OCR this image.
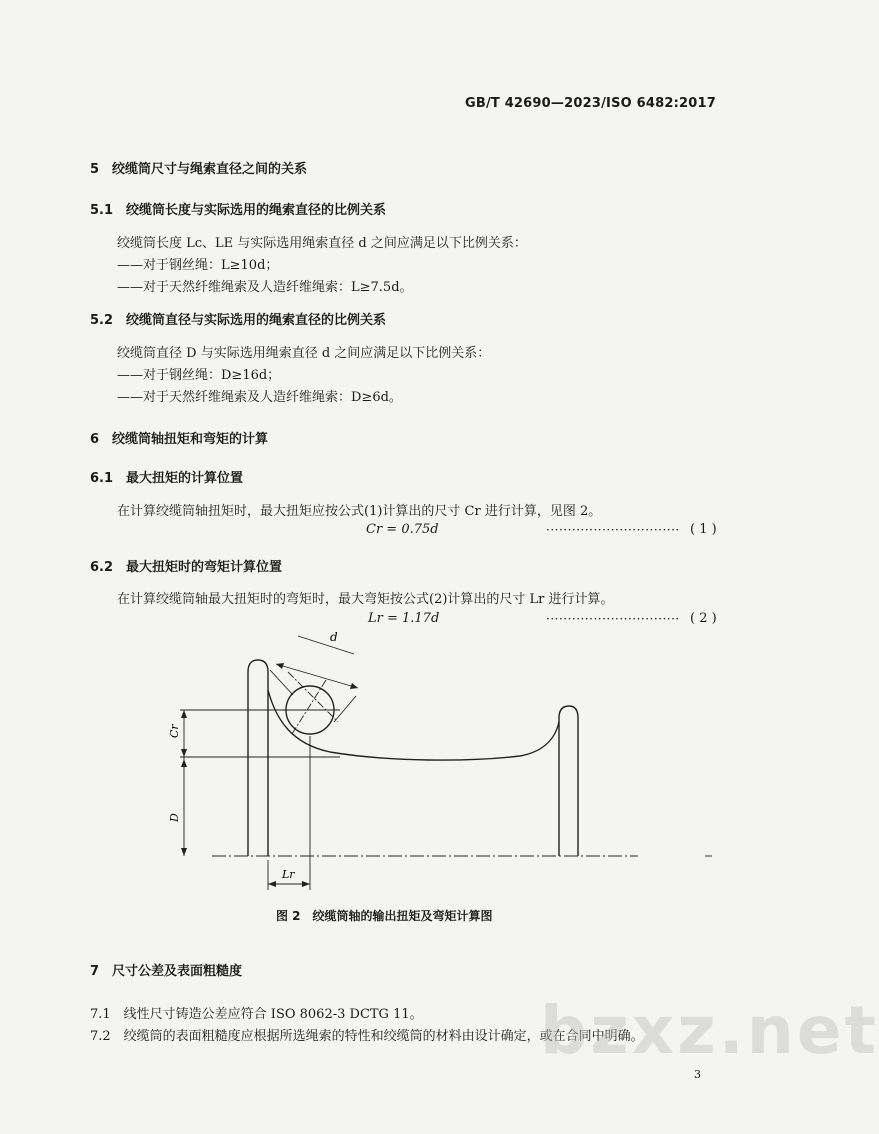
GB/T 42690—2023/ISO 6482:2017
5　绞缆筒尺寸与绳索直径之间的关系
5.1　绞缆筒长度与实际选用的绳索直径的比例关系
绞缆筒长度 Lc、LE 与实际选用绳索直径 d 之间应满足以下比例关系：
——对于钢丝绳：L≥10d；
——对于天然纤维绳索及人造纤维绳索：L≥7.5d。
5.2　绞缆筒直径与实际选用的绳索直径的比例关系
绞缆筒直径 D 与实际选用绳索直径 d 之间应满足以下比例关系：
——对于钢丝绳：D≥16d；
——对于天然纤维绳索及人造纤维绳索：D≥6d。
6　绞缆筒轴扭矩和弯矩的计算
6.1　最大扭矩的计算位置
在计算绞缆筒轴扭矩时，最大扭矩应按公式(1)计算出的尺寸 Cr 进行计算，见图 2。
Cr = 0.75d	······························· ( 1 )
6.2　最大扭矩时的弯矩计算位置
在计算绞缆筒轴最大扭矩时的弯矩时，最大弯矩按公式(2)计算出的尺寸 Lr 进行计算。
Lr = 1.17d	······························· ( 2 )
d
Cr
D
Lr
图 2　绞缆筒轴的输出扭矩及弯矩计算图
7　尺寸公差及表面粗糙度
7.1　线性尺寸铸造公差应符合 ISO 8062-3 DCTG 11。
7.2　绞缆筒的表面粗糙度应根据所选绳索的特性和绞缆筒的材料由设计确定，或在合同中明确。
bzxz.net
3
